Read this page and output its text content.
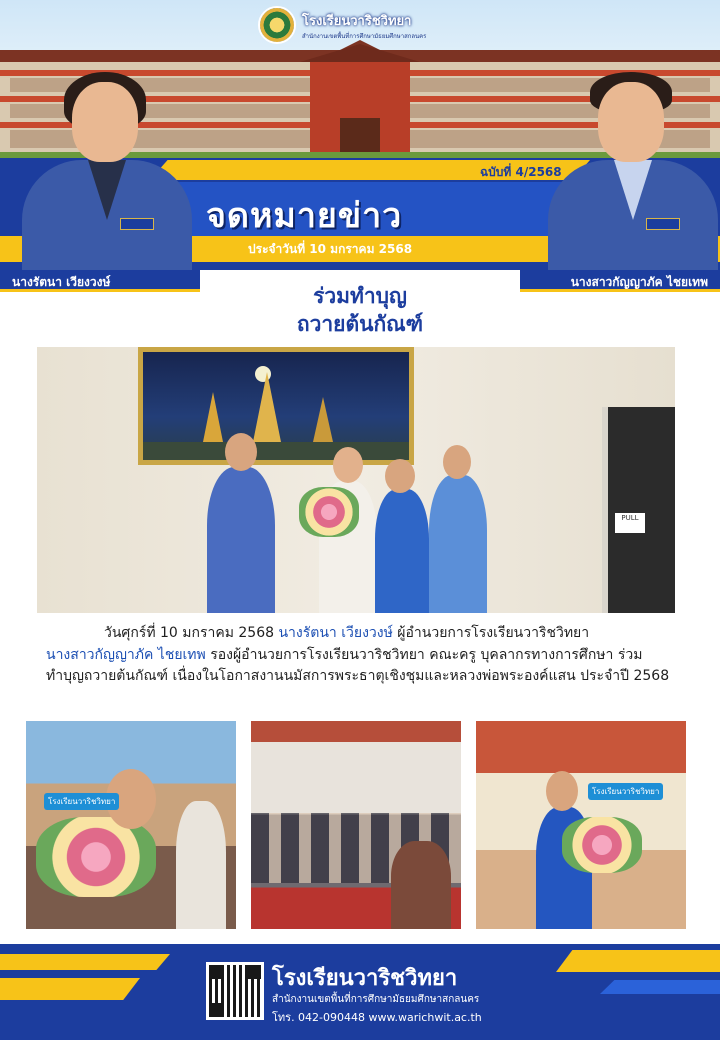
โรงเรียนวาริชวิทยา
สำนักงานเขตพื้นที่การศึกษามัธยมศึกษาสกลนคร
ฉบับที่ 4/2568
จดหมายข่าว
ประจำวันที่ 10 มกราคม 2568
นางรัตนา เวียงวงษ์	นางสาวกัญญาภัค ไชยเทพ
ร่วมทำบุญ
ถวายต้นกัณฑ์
PULL
วันศุกร์ที่ 10 มกราคม 2568 นางรัตนา เวียงวงษ์ ผู้อำนวยการโรงเรียนวาริชวิทยา
นางสาวกัญญาภัค ไชยเทพ รองผู้อำนวยการโรงเรียนวาริชวิทยา คณะครู บุคลากรทางการศึกษา ร่วมทำบุญถวายต้นกัณฑ์ เนื่องในโอกาสงานนมัสการพระธาตุเชิงชุมและหลวงพ่อพระองค์แสน ประจำปี 2568
โรงเรียนวาริชวิทยา
โรงเรียนวาริชวิทยา
โรงเรียนวาริชวิทยา
สำนักงานเขตพื้นที่การศึกษามัธยมศึกษาสกลนคร
โทร. 042-090448 www.warichwit.ac.th
